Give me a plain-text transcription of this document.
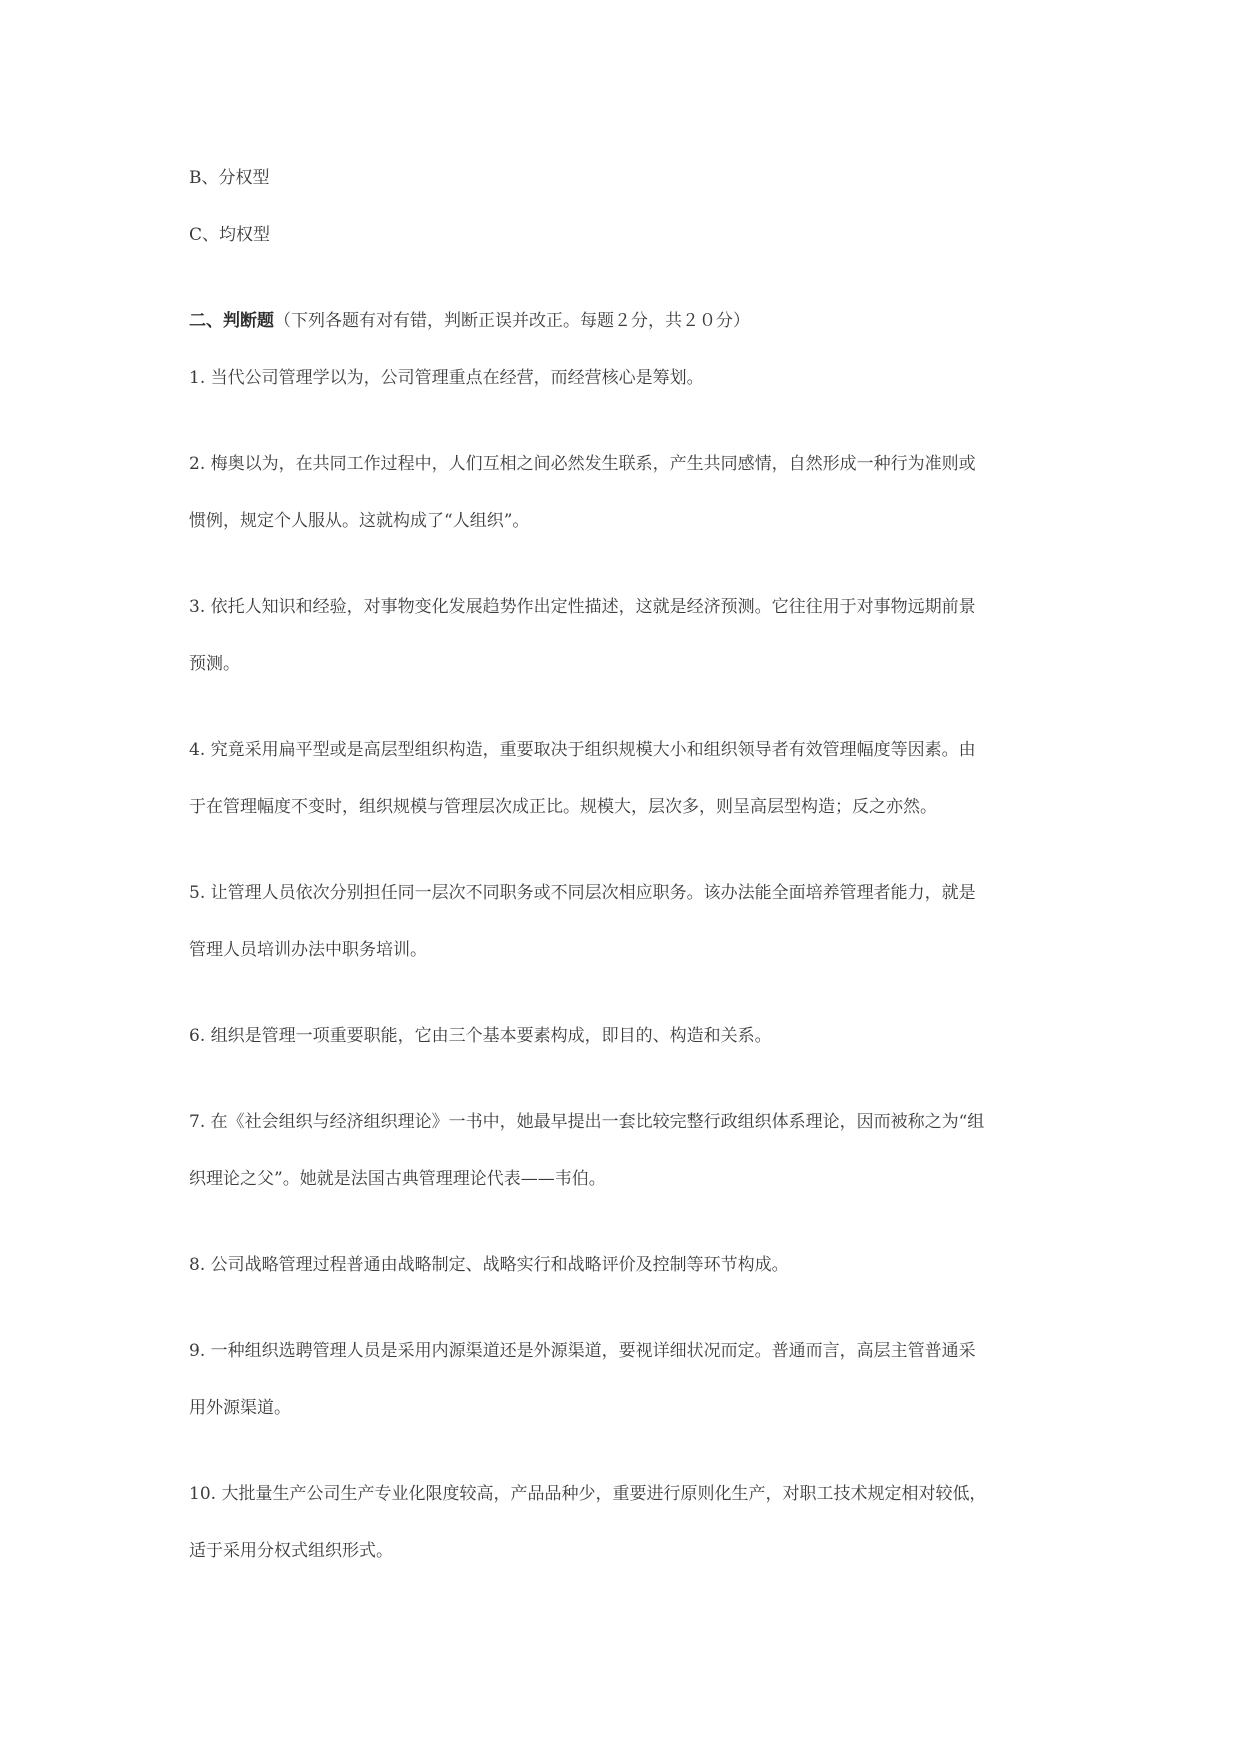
B、分权型

C、均权型

二、判断题（下列各题有对有错，判断正误并改正。每题２分，共２０分）

1. 当代公司管理学以为，公司管理重点在经营，而经营核心是筹划。

2. 梅奥以为，在共同工作过程中，人们互相之间必然发生联系，产生共同感情，自然形成一种行为准则或

惯例，规定个人服从。这就构成了“人组织”。

3. 依托人知识和经验，对事物变化发展趋势作出定性描述，这就是经济预测。它往往用于对事物远期前景

预测。

4. 究竟采用扁平型或是高层型组织构造，重要取决于组织规模大小和组织领导者有效管理幅度等因素。由

于在管理幅度不变时，组织规模与管理层次成正比。规模大，层次多，则呈高层型构造；反之亦然。

5. 让管理人员依次分别担任同一层次不同职务或不同层次相应职务。该办法能全面培养管理者能力，就是

管理人员培训办法中职务培训。

6. 组织是管理一项重要职能，它由三个基本要素构成，即目的、构造和关系。

7. 在《社会组织与经济组织理论》一书中，她最早提出一套比较完整行政组织体系理论，因而被称之为“组

织理论之父”。她就是法国古典管理理论代表——韦伯。

8. 公司战略管理过程普通由战略制定、战略实行和战略评价及控制等环节构成。

9. 一种组织选聘管理人员是采用内源渠道还是外源渠道，要视详细状况而定。普通而言，高层主管普通采

用外源渠道。

10. 大批量生产公司生产专业化限度较高，产品品种少，重要进行原则化生产，对职工技术规定相对较低，

适于采用分权式组织形式。
